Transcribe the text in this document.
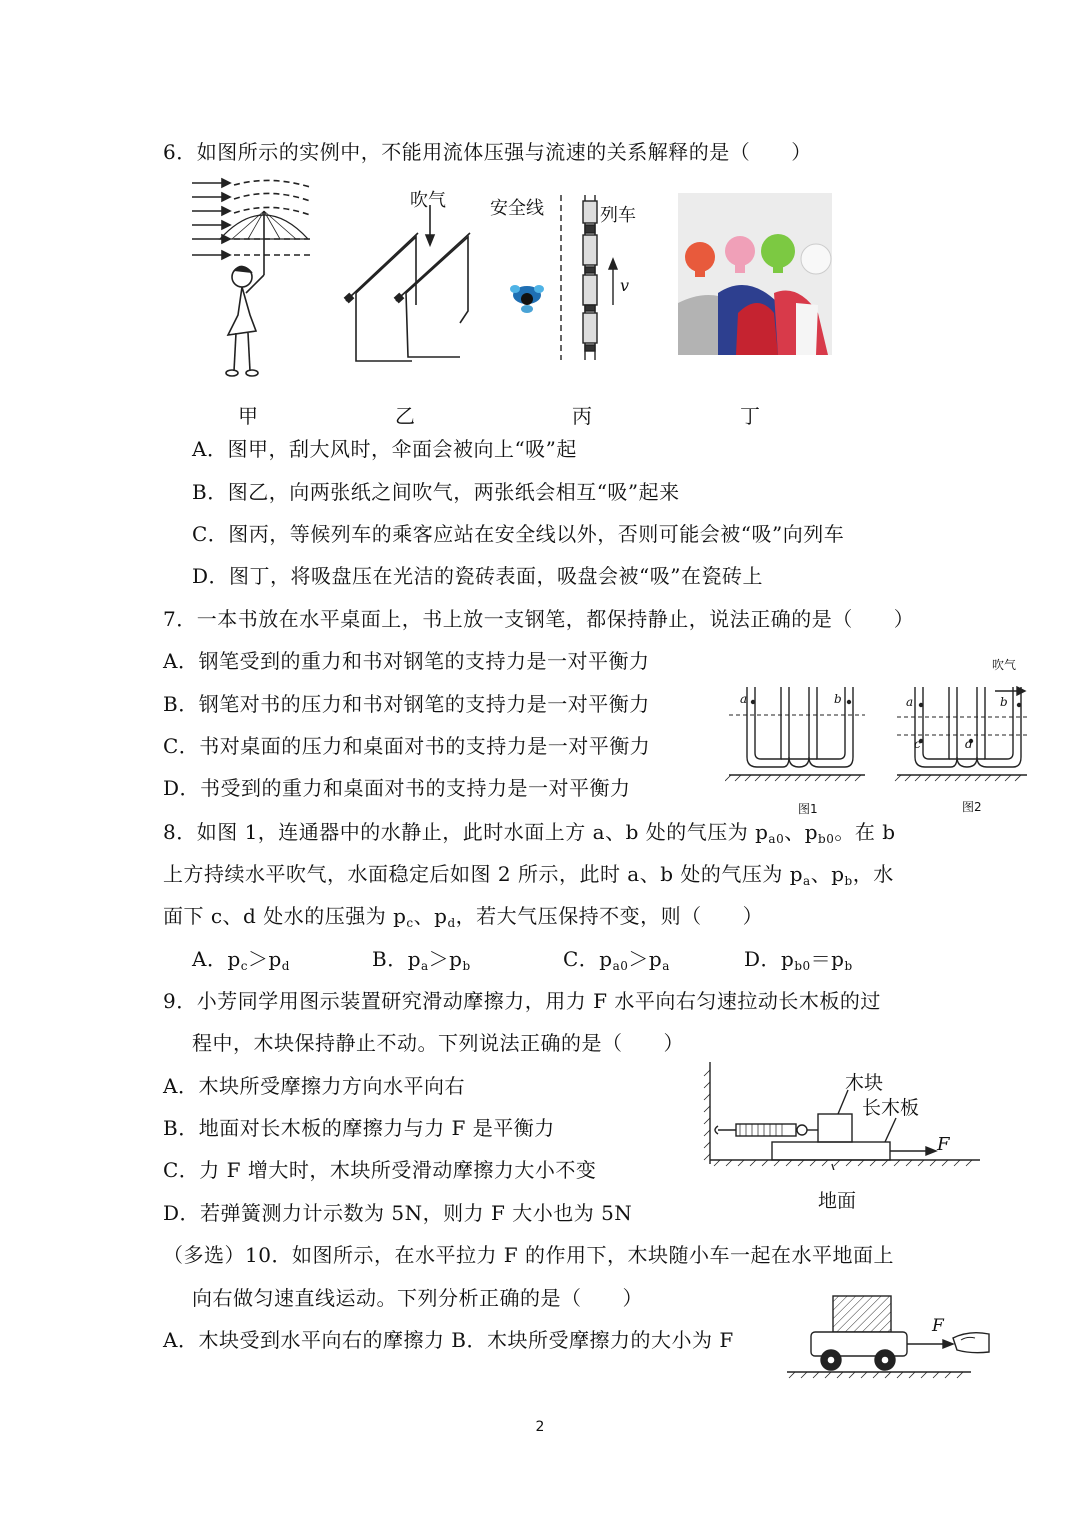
6．如图所示的实例中，不能用流体压强与流速的关系解释的是（　　）
吹气 安全线	列车
v
甲	乙	丙	丁
A．图甲，刮大风时，伞面会被向上“吸”起
B．图乙，向两张纸之间吹气，两张纸会相互“吸”起来
C．图丙，等候列车的乘客应站在安全线以外，否则可能会被“吸”向列车
D．图丁，将吸盘压在光洁的瓷砖表面，吸盘会被“吸”在瓷砖上
7．一本书放在水平桌面上，书上放一支钢笔，都保持静止，说法正确的是（　　）
A．钢笔受到的重力和书对钢笔的支持力是一对平衡力
B．钢笔对书的压力和书对钢笔的支持力是一对平衡力
C．书对桌面的压力和桌面对书的支持力是一对平衡力
D．书受到的重力和桌面对书的支持力是一对平衡力
a	b	a	b
c	d
吹气
图1	图2
8．如图 1，连通器中的水静止，此时水面上方 a、b 处的气压为 $p_{a0}$、$p_{b0}$。在 b
上方持续水平吹气，水面稳定后如图 2 所示，此时 a、b 处的气压为 $p_a$、$p_b$，水
面下 c、d 处水的压强为 $p_c$、$p_d$，若大气压保持不变，则（　　）
A．$p_c>p_d$	B．$p_a>p_b$	C．$p_{a0}>p_a$	D．$p_{b0}=p_b$
9．小芳同学用图示装置研究滑动摩擦力，用力 F 水平向右匀速拉动长木板的过
程中，木块保持静止不动。下列说法正确的是（　　）
A．木块所受摩擦力方向水平向右
B．地面对长木板的摩擦力与力 F 是平衡力
C．力 F 增大时，木块所受滑动摩擦力大小不变
D．若弹簧测力计示数为 5N，则力 F 大小也为 5N
木块
长木板
地面
F
（多选）10．如图所示，在水平拉力 F 的作用下，木块随小车一起在水平地面上
向右做匀速直线运动。下列分析正确的是（　　）
A．木块受到水平向右的摩擦力 B．木块所受摩擦力的大小为 F
F
2
